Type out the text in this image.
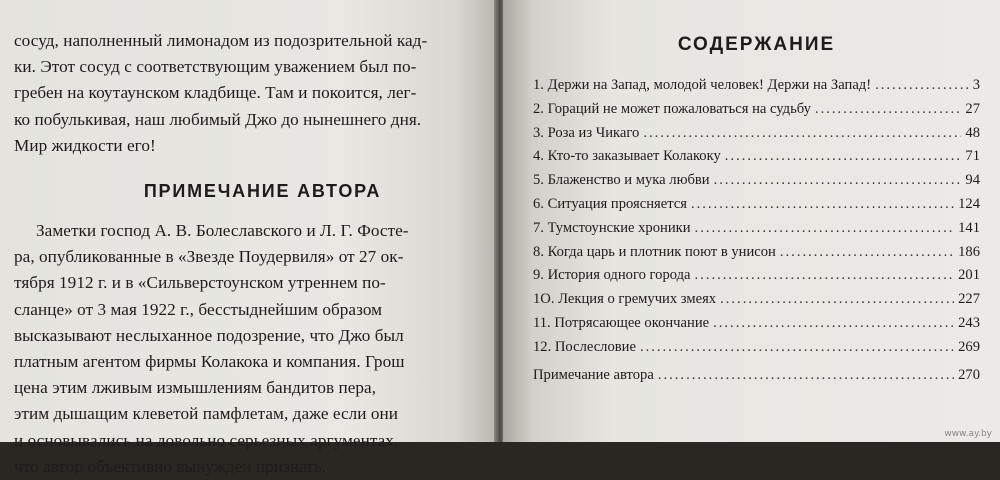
сосуд, наполненный лимонадом из подозрительной кад-

ки. Этот сосуд с соответствующим уважением был по-

гребен на коутаунском кладбище. Там и покоится, лег-

ко побулькивая, наш любимый Джо до нынешнего дня.

Мир жидкости его!

ПРИМЕЧАНИЕ АВТОРА

Заметки господ А. В. Болеславского и Л. Г. Фосте-

ра, опубликованные в «Звезде Поудервиля» от 27 ок-

тября 1912 г. и в «Сильверстоунском утреннем по-

сланце» от 3 мая 1922 г., бесстыднейшим образом

высказывают неслыханное подозрение, что Джо был

платным агентом фирмы Колакока и компания. Грош

цена этим лживым измышлениям бандитов пера,

этим дышащим клеветой памфлетам, даже если они

и основывались на довольно серьезных аргументах,

что автор объективно вынужден признать.

СОДЕРЖАНИЕ
1. Держи на Запад, молодой человек! Держи на Запад! .....	3
2. Гораций не может пожаловаться на судьбу .....	27
3. Роза из Чикаго .....	48
4. Кто-то заказывает Колакоку .....	71
5. Блаженство и мука любви .....	94
6. Ситуация проясняется .....	124
7. Тумстоунские хроники .....	141
8. Когда царь и плотник поют в унисон .....	186
9. История одного города .....	201
1О. Лекция о гремучих змеях .....	227
11. Потрясающее окончание .....	243
12. Послесловие .....	269
Примечание автора .....	270
www.ay.by
